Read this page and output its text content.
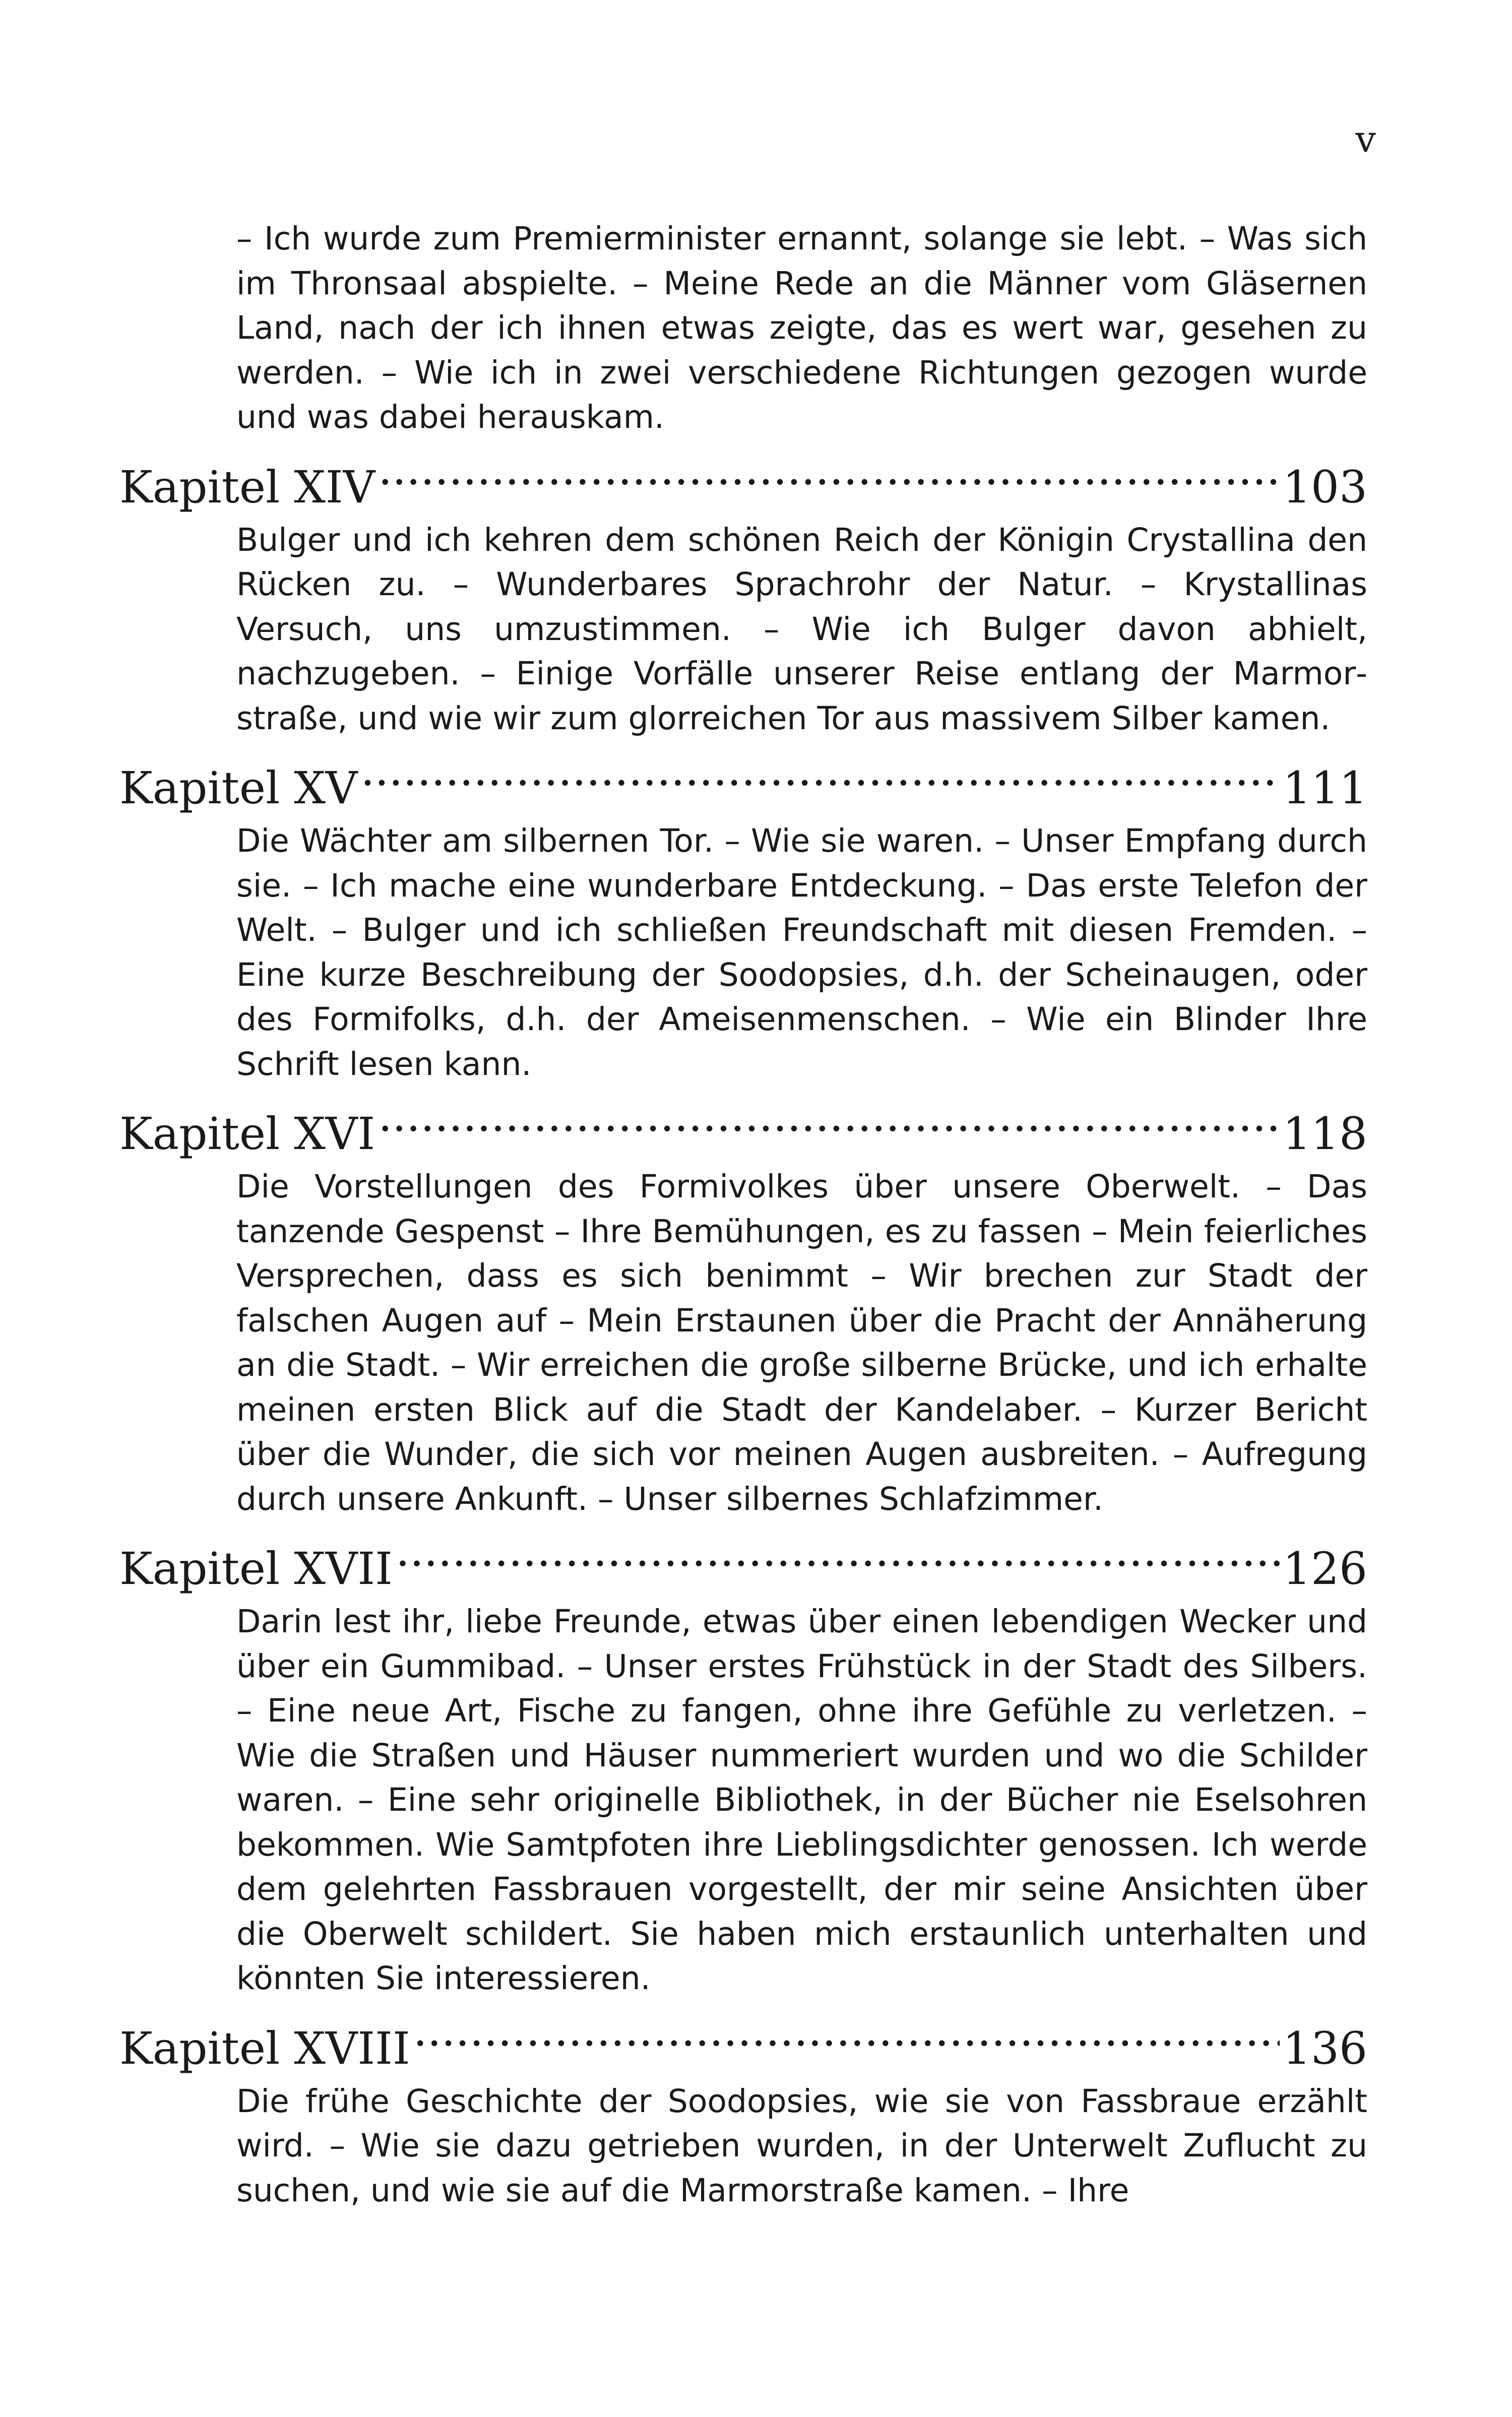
v

– Ich wurde zum Premierminister ernannt, solange sie lebt. – Was sich im Thronsaal abspielte. – Meine Rede an die Männer vom Gläsernen Land, nach der ich ihnen etwas zeigte, das es wert war, gesehen zu werden. – Wie ich in zwei verschiedene Richtungen gezogen wurde und was dabei herauskam.

Kapitel XIV .....	103

Bulger und ich kehren dem schönen Reich der Königin Crystallina den Rücken zu. – Wunderbares Sprachrohr der Natur. – Krystallinas Versuch, uns umzustimmen. – Wie ich Bulger davon abhielt, nachzugeben. – Einige Vorfälle unserer Reise entlang der Marmorstraße, und wie wir zum glorreichen Tor aus massivem Silber kamen.

Kapitel XV .....	111

Die Wächter am silbernen Tor. – Wie sie waren. – Unser Empfang durch sie. – Ich mache eine wunderbare Entdeckung. – Das erste Telefon der Welt. – Bulger und ich schließen Freundschaft mit diesen Fremden. – Eine kurze Beschreibung der Soodopsies, d.h. der Scheinaugen, oder des Formifolks, d.h. der Ameisenmenschen. – Wie ein Blinder Ihre Schrift lesen kann.

Kapitel XVI .....	118

Die Vorstellungen des Formivolkes über unsere Oberwelt. – Das tanzende Gespenst – Ihre Bemühungen, es zu fassen – Mein feierliches Versprechen, dass es sich benimmt – Wir brechen zur Stadt der falschen Augen auf – Mein Erstaunen über die Pracht der Annäherung an die Stadt. – Wir erreichen die große silberne Brücke, und ich erhalte meinen ersten Blick auf die Stadt der Kandelaber. – Kurzer Bericht über die Wunder, die sich vor meinen Augen ausbreiten. – Aufregung durch unsere Ankunft. – Unser silbernes Schlafzimmer.

Kapitel XVII .....	126

Darin lest ihr, liebe Freunde, etwas über einen lebendigen Wecker und über ein Gummibad. – Unser erstes Frühstück in der Stadt des Silbers. – Eine neue Art, Fische zu fangen, ohne ihre Gefühle zu verletzen. – Wie die Straßen und Häuser nummeriert wurden und wo die Schilder waren. – Eine sehr originelle Bibliothek, in der Bücher nie Eselsohren bekommen. Wie Samtpfoten ihre Lieblingsdichter genossen. Ich werde dem gelehrten Fassbrauen vorgestellt, der mir seine Ansichten über die Oberwelt schildert. Sie haben mich erstaunlich unterhalten und könnten Sie interessieren.

Kapitel XVIII .....	136

Die frühe Geschichte der Soodopsies, wie sie von Fassbraue erzählt wird. – Wie sie dazu getrieben wurden, in der Unterwelt Zuflucht zu suchen, und wie sie auf die Marmorstraße kamen. – Ihre
